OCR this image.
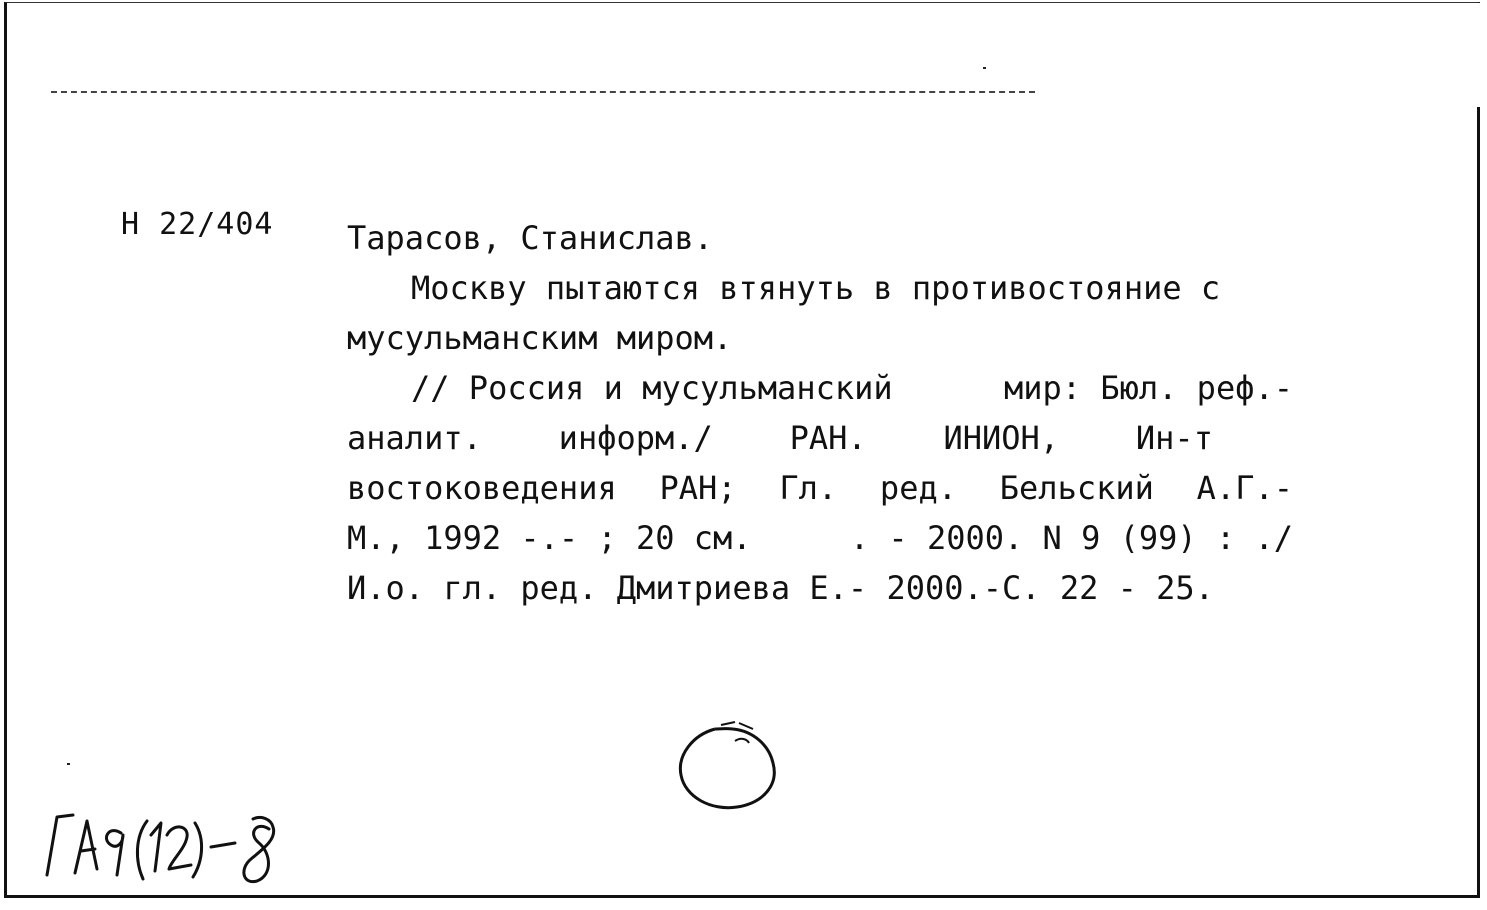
Н 22/404 Тарасов, Станислав.
Москву пытаются втянуть в противостояние с
мусульманским миром.
// Россия и мусульманский	мир: Бюл. реф.-
аналит. информ./ РАН. ИНИОН, Ин-т
востоковедения РАН; Гл. ред. Бельский А.Г.-
М., 1992 -.- ; 20 см.	. - 2000. N 9 (99) : ./
И.о. гл. ред. Дмитриева Е.- 2000.-С. 22 - 25.
